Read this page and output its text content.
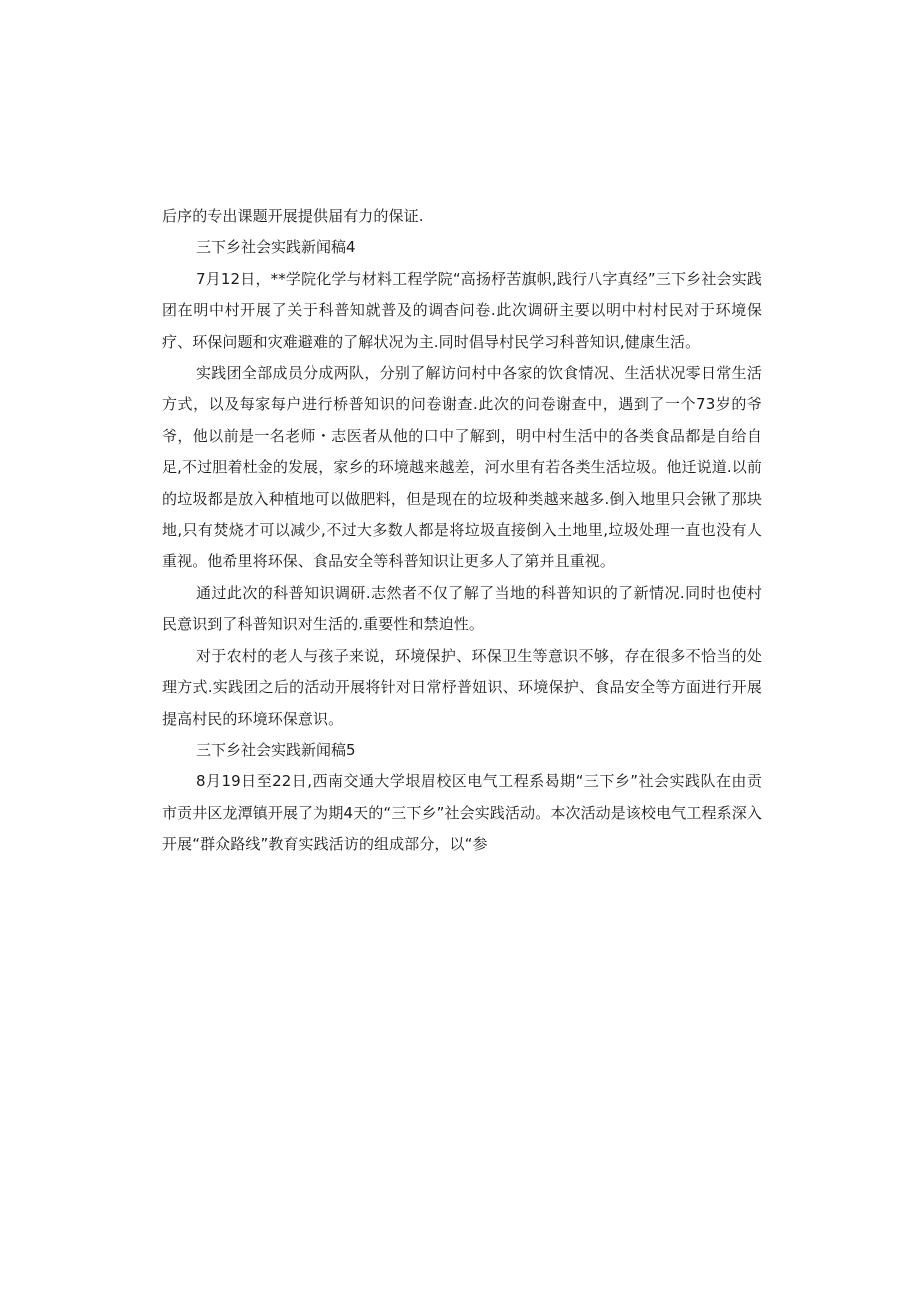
后序的专出课题开展提供届有力的保证.

三下乡社会实践新闻稿4

7月12日，**学院化学与材料工程学院“高扬杼苦旗帜,践行八字真经”三下乡社会实践团在明中村开展了关于科普知就普及的调杳问卷.此次调研主要以明中村村民对于环境保疗、环保问题和灾难避难的了解状况为主.同时倡导村民学习科普知识,健康生活。

实践团全部成员分成两队，分别了解访问村中各家的饮食情况、生活状况零日常生活方式，以及每家每户进行桥普知识的问卷谢查.此次的问卷谢查中，遇到了一个73岁的爷爷，他以前是一名老师・志医者从他的口中了解到，明中村生活中的各类食品都是自给自足,不过胆着杜金的发展，家乡的环境越来越差，河水里有若各类生活垃圾。他迁说道.以前的垃圾都是放入种植地可以做肥料，但是现在的垃圾种类越来越多.倒入地里只会锹了那块地,只有焚烧才可以减少,不过大多数人都是将垃圾直接倒入土地里,垃圾处理一直也没有人重视。他希里将环保、食品安全等科普知识让更多人了第并且重视。

通过此次的科普知识调研.志然者不仅了解了当地的科普知识的了新情况.同时也使村民意识到了科普知识对生活的.重要性和禁迫性。

对于农村的老人与孩子来说，环境保护、环保卫生等意识不够，存在很多不恰当的处理方式.实践团之后的活动开展将针对日常杼普妞识、环境保护、食品安全等方面进行开展提高村民的环境环保意识。

三下乡社会实践新闻稿5

8月19日至22日,西南交通大学垠眉校区电气工程系曷期“三下乡”社会实践队在由贡市贡井区龙潭镇开展了为期4天的“三下乡”社会实践活动。本次活动是该校电气工程系深入开展“群众路线”教育实践活访的组成部分，以“参
